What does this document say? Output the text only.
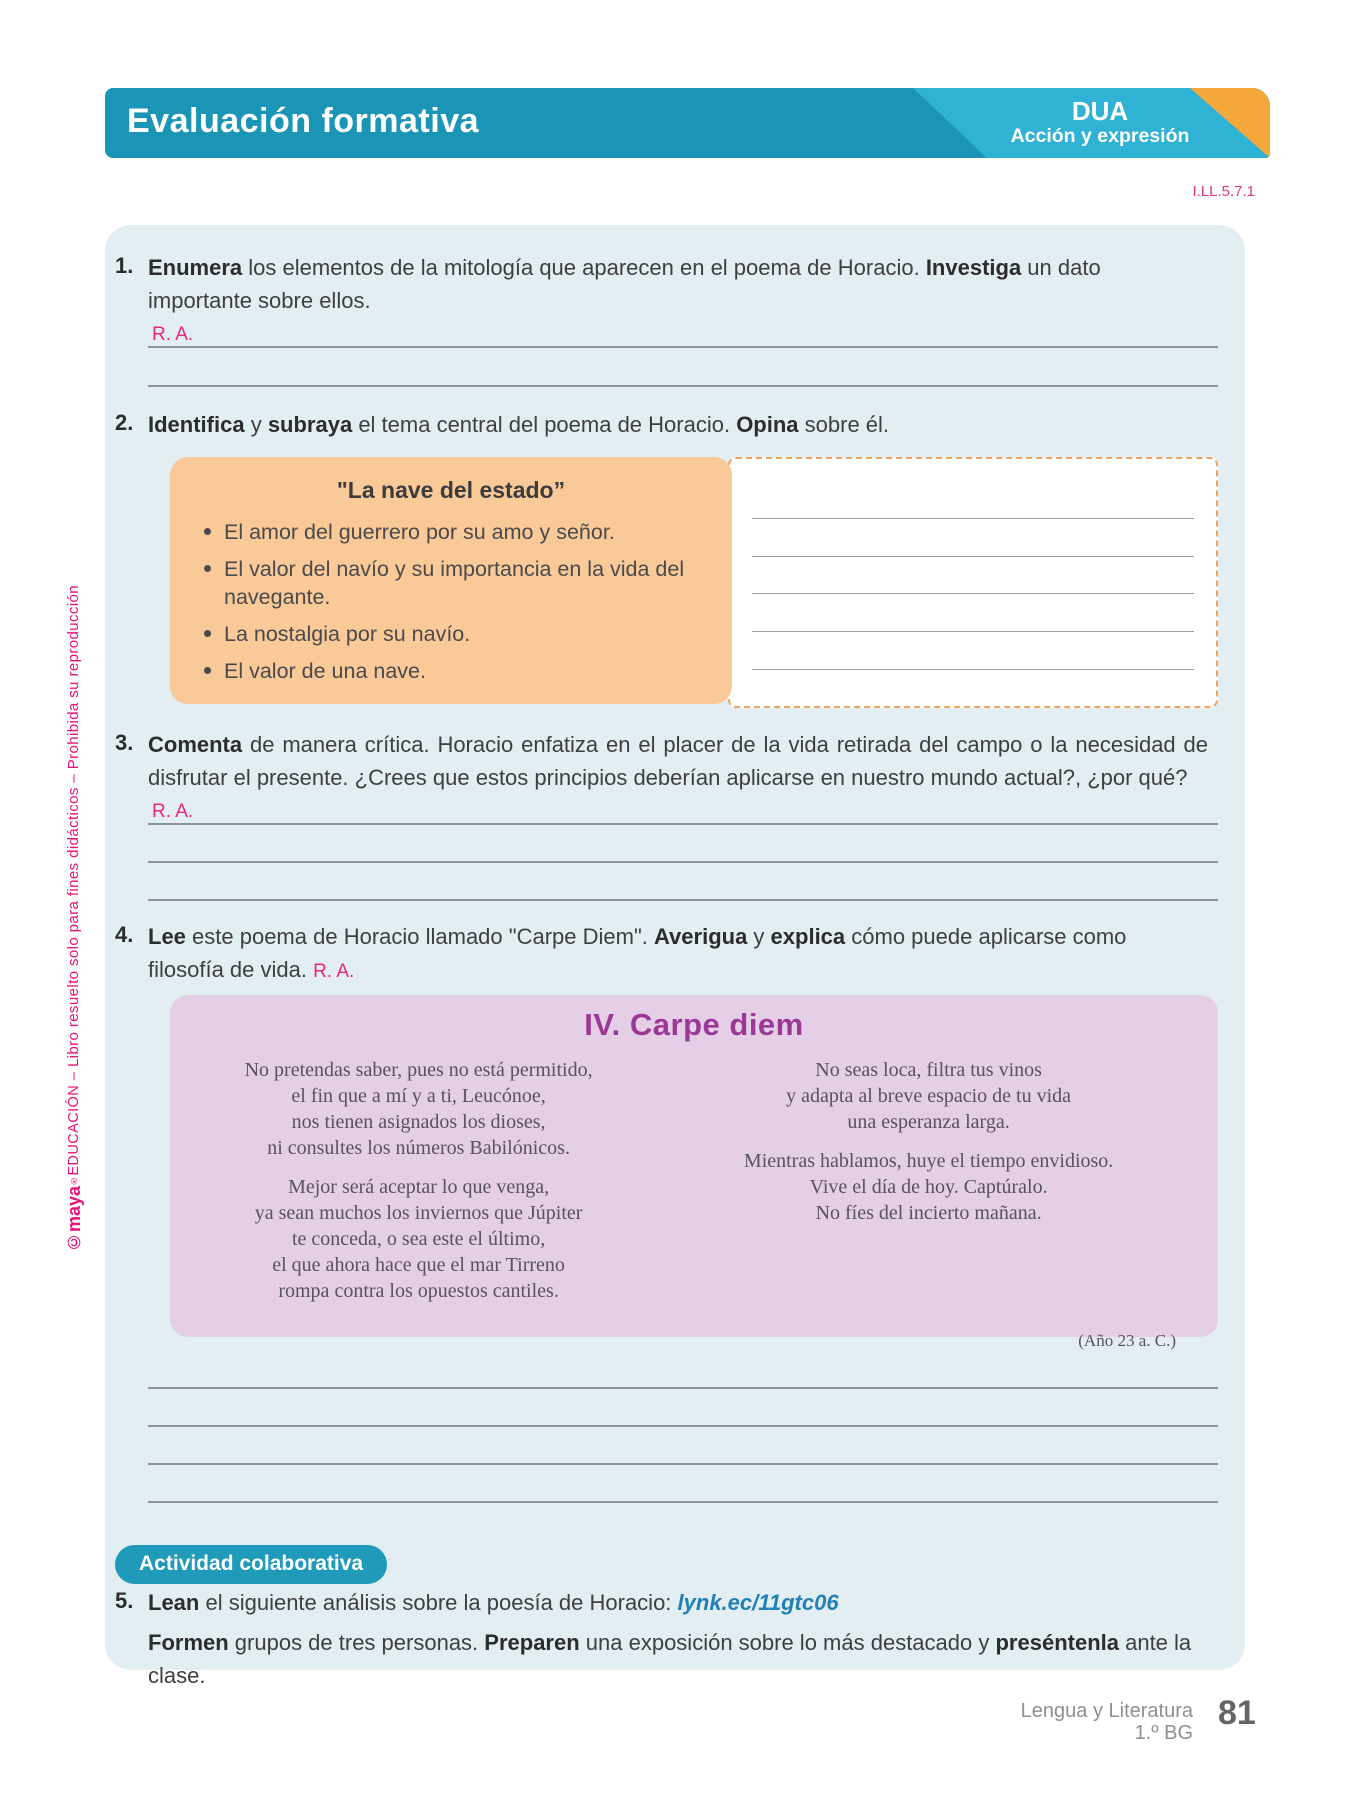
©maya®EDUCACIÓN – Libro resuelto solo para fines didácticos – Prohibida su reproducción
Evaluación formativa	DUA
Acción y expresión
I.LL.5.7.1
1. Enumera los elementos de la mitología que aparecen en el poema de Horacio. Investiga un dato importante sobre ellos.
R. A.
2. Identifica y subraya el tema central del poema de Horacio. Opina sobre él.
"La nave del estado”
El amor del guerrero por su amo y señor.
El valor del navío y su importancia en la vida del navegante.
La nostalgia por su navío.
El valor de una nave.
3. Comenta de manera crítica. Horacio enfatiza en el placer de la vida retirada del campo o la necesidad de disfrutar el presente. ¿Crees que estos principios deberían aplicarse en nuestro mundo actual?, ¿por qué?
R. A.
4. Lee este poema de Horacio llamado "Carpe Diem". Averigua y explica cómo puede aplicarse como filosofía de vida. R. A.
IV. Carpe diem
No pretendas saber, pues no está permitido,
el fin que a mí y a ti, Leucónoe,
nos tienen asignados los dioses,
ni consultes los números Babilónicos.
Mejor será aceptar lo que venga,
ya sean muchos los inviernos que Júpiter
te conceda, o sea este el último,
el que ahora hace que el mar Tirreno
rompa contra los opuestos cantiles.
No seas loca, filtra tus vinos
y adapta al breve espacio de tu vida
una esperanza larga.
Mientras hablamos, huye el tiempo envidioso.
Vive el día de hoy. Captúralo.
No fíes del incierto mañana.
(Año 23 a. C.)
Actividad colaborativa
5. Lean el siguiente análisis sobre la poesía de Horacio: lynk.ec/11gtc06
Formen grupos de tres personas. Preparen una exposición sobre lo más destacado y preséntenla ante la clase.
Lengua y Literatura
1.º BG
81
